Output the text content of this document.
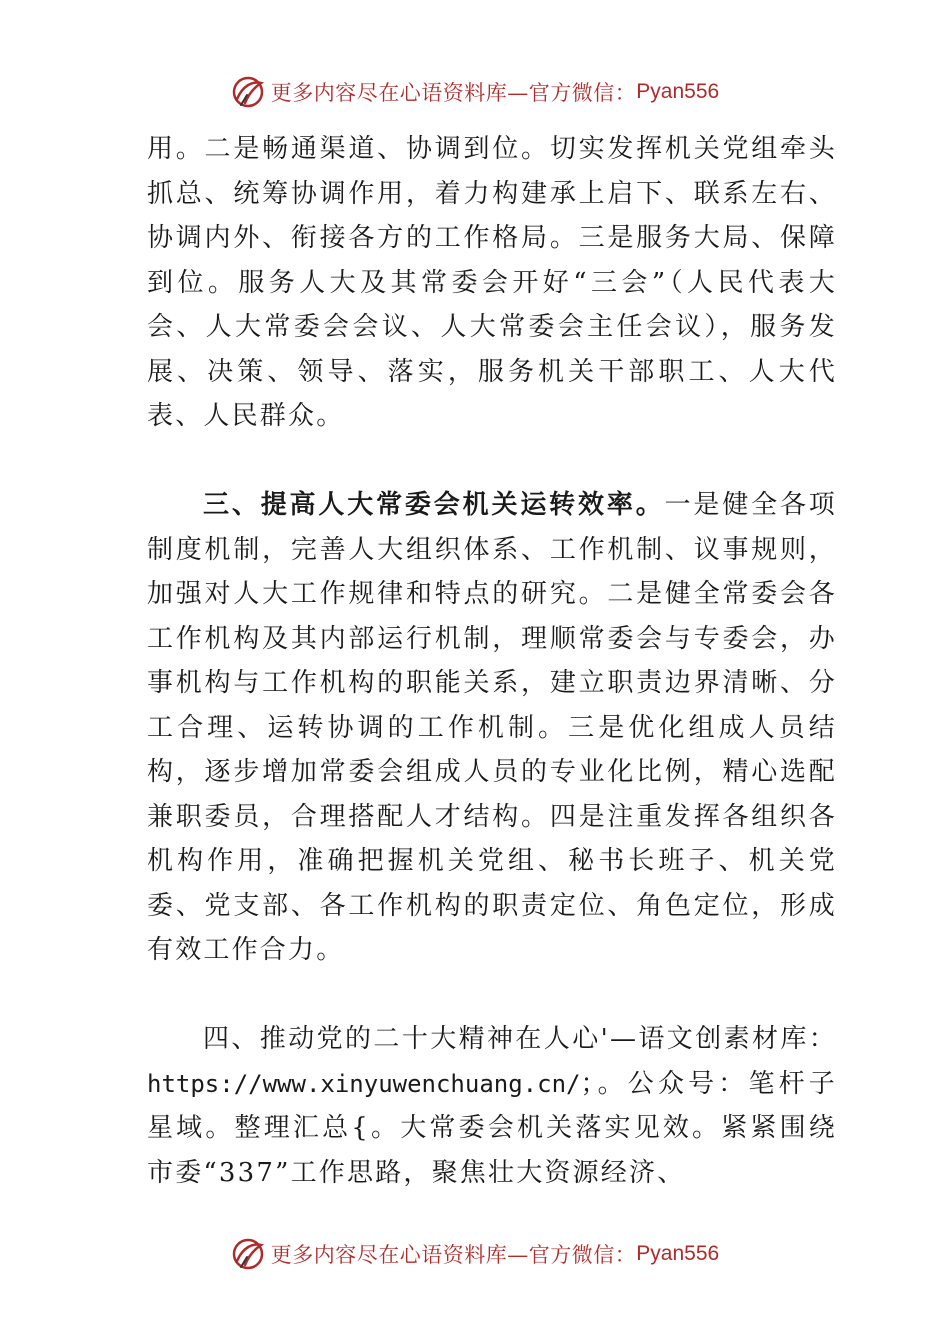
更多内容尽在心语资料库—官方微信： Pyan556

用。二是畅通渠道、协调到位。切实发挥机关党组牵头抓总、统筹协调作用，着力构建承上启下、联系左右、协调内外、衔接各方的工作格局。三是服务大局、保障到位。服务人大及其常委会开好“三会”（人民代表大会、人大常委会会议、人大常委会主任会议），服务发展、决策、领导、落实，服务机关干部职工、人大代表、人民群众。

三、提高人大常委会机关运转效率。一是健全各项制度机制，完善人大组织体系、工作机制、议事规则，加强对人大工作规律和特点的研究。二是健全常委会各工作机构及其内部运行机制，理顺常委会与专委会，办事机构与工作机构的职能关系，建立职责边界清晰、分工合理、运转协调的工作机制。三是优化组成人员结构，逐步增加常委会组成人员的专业化比例，精心选配兼职委员，合理搭配人才结构。四是注重发挥各组织各机构作用，准确把握机关党组、秘书长班子、机关党委、党支部、各工作机构的职责定位、角色定位，形成有效工作合力。

四、推动党的二十大精神在人心'—语文创素材库：https://www.xinyuwenchuang.cn/；。公众号：笔杆子星域。整理汇总{。大常委会机关落实见效。紧紧围绕市委“337”工作思路，聚焦壮大资源经济、

更多内容尽在心语资料库—官方微信： Pyan556
